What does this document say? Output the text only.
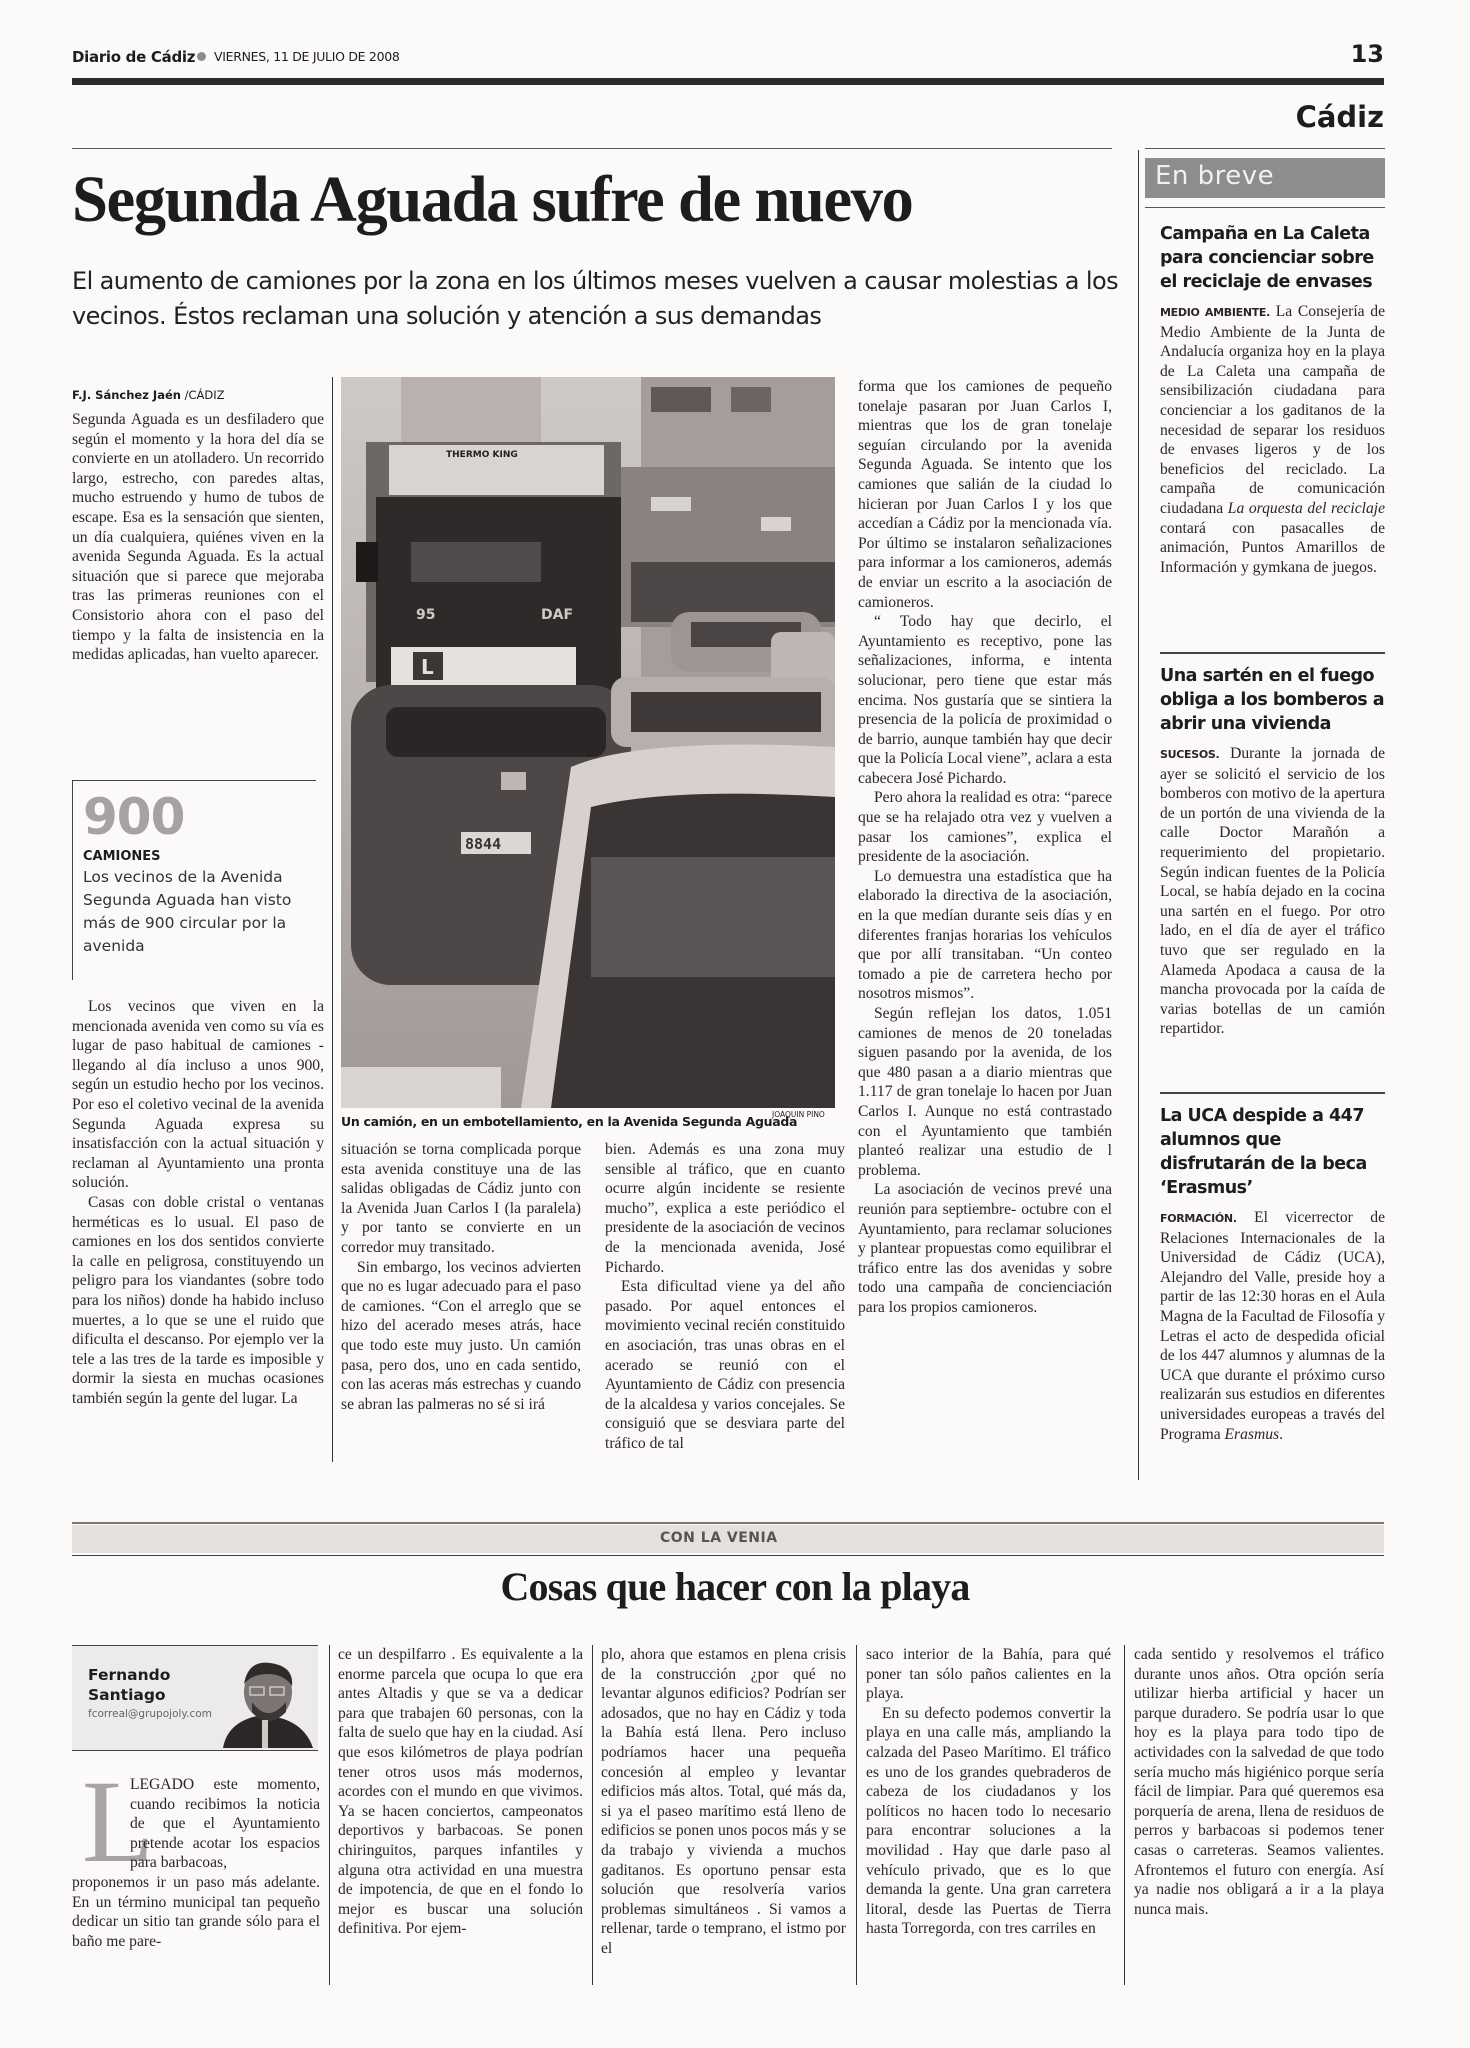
Diario de Cádiz VIERNES, 11 DE JULIO DE 2008	13
Cádiz
Segunda Aguada sufre de nuevo
El aumento de camiones por la zona en los últimos meses vuelven a causar molestias a los vecinos. Éstos reclaman una solución y atención a sus demandas
F.J. Sánchez Jaén /CÁDIZ

Segunda Aguada es un desfiladero que según el momento y la hora del día se convierte en un atolladero. Un recorrido largo, estrecho, con paredes altas, mucho estruendo y humo de tubos de escape. Esa es la sensación que sienten, un día cualquiera, quiénes viven en la avenida Segunda Aguada. Es la actual situación que si parece que mejoraba tras las primeras reuniones con el Consistorio ahora con el paso del tiempo y la falta de insistencia en la medidas aplicadas, han vuelto aparecer.

900
CAMIONES
Los vecinos de la Avenida Segunda Aguada han visto más de 900 circular por la avenida

Los vecinos que viven en la mencionada avenida ven como su vía es lugar de paso habitual de camiones - llegando al día incluso a unos 900, según un estudio hecho por los vecinos. Por eso el coletivo vecinal de la avenida Segunda Aguada expresa su insatisfacción con la actual situación y reclaman al Ayuntamiento una pronta solución.

Casas con doble cristal o ventanas herméticas es lo usual. El paso de camiones en los dos sentidos convierte la calle en peligrosa, constituyendo un peligro para los viandantes (sobre todo para los niños) donde ha habido incluso muertes, a lo que se une el ruido que dificulta el descanso. Por ejemplo ver la tele a las tres de la tarde es imposible y dormir la siesta en muchas ocasiones también según la gente del lugar. La

THERMO KING
95	DAF
L
8844
Un camión, en un embotellamiento, en la Avenida Segunda Aguada
JOAQUIN PINO

situación se torna complicada porque esta avenida constituye una de las salidas obligadas de Cádiz junto con la Avenida Juan Carlos I (la paralela) y por tanto se convierte en un corredor muy transitado.

Sin embargo, los vecinos advierten que no es lugar adecuado para el paso de camiones. “Con el arreglo que se hizo del acerado meses atrás, hace que todo este muy justo. Un camión pasa, pero dos, uno en cada sentido, con las aceras más estrechas y cuando se abran las palmeras no sé si irá

bien. Además es una zona muy sensible al tráfico, que en cuanto ocurre algún incidente se resiente mucho”, explica a este periódico el presidente de la asociación de vecinos de la mencionada avenida, José Pichardo.

Esta dificultad viene ya del año pasado. Por aquel entonces el movimiento vecinal recién constituido en asociación, tras unas obras en el acerado se reunió con el Ayuntamiento de Cádiz con presencia de la alcaldesa y varios concejales. Se consiguió que se desviara parte del tráfico de tal

forma que los camiones de pequeño tonelaje pasaran por Juan Carlos I, mientras que los de gran tonelaje seguían circulando por la avenida Segunda Aguada. Se intento que los camiones que salián de la ciudad lo hicieran por Juan Carlos I y los que accedían a Cádiz por la mencionada vía. Por último se instalaron señalizaciones para informar a los camioneros, además de enviar un escrito a la asociación de camioneros.

“ Todo hay que decirlo, el Ayuntamiento es receptivo, pone las señalizaciones, informa, e intenta solucionar, pero tiene que estar más encima. Nos gustaría que se sintiera la presencia de la policía de proximidad o de barrio, aunque también hay que decir que la Policía Local viene”, aclara a esta cabecera José Pichardo.

Pero ahora la realidad es otra: “parece que se ha relajado otra vez y vuelven a pasar los camiones”, explica el presidente de la asociación.

Lo demuestra una estadística que ha elaborado la directiva de la asociación, en la que medían durante seis días y en diferentes franjas horarias los vehículos que por allí transitaban. “Un conteo tomado a pie de carretera hecho por nosotros mismos”.

Según reflejan los datos, 1.051 camiones de menos de 20 toneladas siguen pasando por la avenida, de los que 480 pasan a a diario mientras que 1.117 de gran tonelaje lo hacen por Juan Carlos I. Aunque no está contrastado con el Ayuntamiento que también planteó realizar una estudio de l problema.

La asociación de vecinos prevé una reunión para septiembre- octubre con el Ayuntamiento, para reclamar soluciones y plantear propuestas como equilibrar el tráfico entre las dos avenidas y sobre todo una campaña de concienciación para los propios camioneros.

En breve
Campaña en La Caleta para concienciar sobre el reciclaje de envases
MEDIO AMBIENTE. La Consejería de Medio Ambiente de la Junta de Andalucía organiza hoy en la playa de La Caleta una campaña de sensibilización ciudadana para concienciar a los gaditanos de la necesidad de separar los residuos de envases ligeros y de los beneficios del reciclado. La campaña de comunicación ciudadana La orquesta del reciclaje contará con pasacalles de animación, Puntos Amarillos de Información y gymkana de juegos.
Una sartén en el fuego obliga a los bomberos a abrir una vivienda
SUCESOS. Durante la jornada de ayer se solicitó el servicio de los bomberos con motivo de la apertura de un portón de una vivienda de la calle Doctor Marañón a requerimiento del propietario. Según indican fuentes de la Policía Local, se había dejado en la cocina una sartén en el fuego. Por otro lado, en el día de ayer el tráfico tuvo que ser regulado en la Alameda Apodaca a causa de la mancha provocada por la caída de varias botellas de un camión repartidor.
La UCA despide a 447 alumnos que disfrutarán de la beca ‘Erasmus’
FORMACIÓN. El vicerrector de Relaciones Internacionales de la Universidad de Cádiz (UCA), Alejandro del Valle, preside hoy a partir de las 12:30 horas en el Aula Magna de la Facultad de Filosofía y Letras el acto de despedida oficial de los 447 alumnos y alumnas de la UCA que durante el próximo curso realizarán sus estudios en diferentes universidades europeas a través del Programa Erasmus.
CON LA VENIA
Cosas que hacer con la playa
Fernando
Santiago
fcorreal@grupojoly.com
L

LEGADO este momento, cuando recibimos la noticia de que el Ayuntamiento pretende acotar los espacios para barbacoas,

proponemos ir un paso más adelante. En un término municipal tan pequeño dedicar un sitio tan grande sólo para el baño me pare-

ce un despilfarro . Es equivalente a la enorme parcela que ocupa lo que era antes Altadis y que se va a dedicar para que trabajen 60 personas, con la falta de suelo que hay en la ciudad. Así que esos kilómetros de playa podrían tener otros usos más modernos, acordes con el mundo en que vivimos. Ya se hacen conciertos, campeonatos deportivos y barbacoas. Se ponen chiringuitos, parques infantiles y alguna otra actividad en una muestra de impotencia, de que en el fondo lo mejor es buscar una solución definitiva. Por ejem-

plo, ahora que estamos en plena crisis de la construcción ¿por qué no levantar algunos edificios? Podrían ser adosados, que no hay en Cádiz y toda la Bahía está llena. Pero incluso podríamos hacer una pequeña concesión al empleo y levantar edificios más altos. Total, qué más da, si ya el paseo marítimo está lleno de edificios se ponen unos pocos más y se da trabajo y vivienda a muchos gaditanos. Es oportuno pensar esta solución que resolvería varios problemas simultáneos . Si vamos a rellenar, tarde o temprano, el istmo por el

saco interior de la Bahía, para qué poner tan sólo paños calientes en la playa.

En su defecto podemos convertir la playa en una calle más, ampliando la calzada del Paseo Marítimo. El tráfico es uno de los grandes quebraderos de cabeza de los ciudadanos y los políticos no hacen todo lo necesario para encontrar soluciones a la movilidad . Hay que darle paso al vehículo privado, que es lo que demanda la gente. Una gran carretera litoral, desde las Puertas de Tierra hasta Torregorda, con tres carriles en

cada sentido y resolvemos el tráfico durante unos años. Otra opción sería utilizar hierba artificial y hacer un parque duradero. Se podría usar lo que hoy es la playa para todo tipo de actividades con la salvedad de que todo sería mucho más higiénico porque sería fácil de limpiar. Para qué queremos esa porquería de arena, llena de residuos de perros y barbacoas si podemos tener casas o carreteras. Seamos valientes. Afrontemos el futuro con energía. Así ya nadie nos obligará a ir a la playa nunca mais.
